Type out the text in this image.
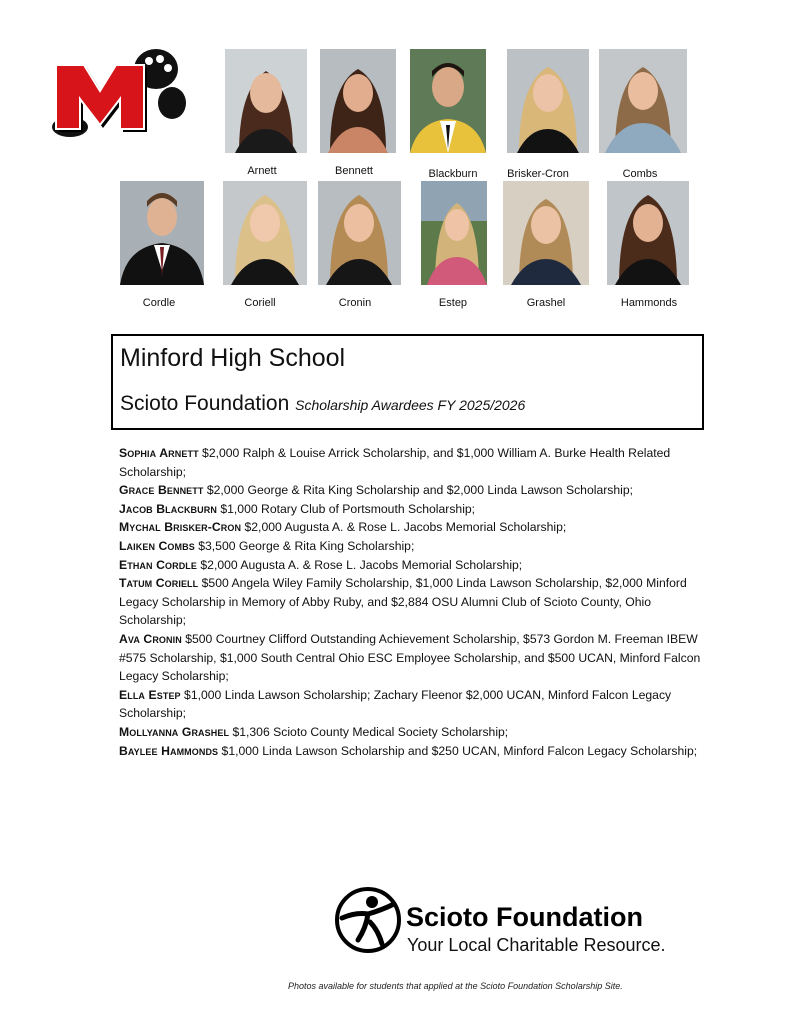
Arnett	Bennett	Blackburn	Brisker-Cron	Combs
Cordle	Coriell	Cronin	Estep	Grashel	Hammonds
Minford High School
Scioto Foundation Scholarship Awardees FY 2025/2026

Sophia Arnett $2,000 Ralph & Louise Arrick Scholarship, and $1,000 William A. Burke Health Related Scholarship;

Grace Bennett $2,000 George & Rita King Scholarship and $2,000 Linda Lawson Scholarship;

Jacob Blackburn $1,000 Rotary Club of Portsmouth Scholarship;

Mychal Brisker-Cron $2,000 Augusta A. & Rose L. Jacobs Memorial Scholarship;

Laiken Combs $3,500 George & Rita King Scholarship;

Ethan Cordle $2,000 Augusta A. & Rose L. Jacobs Memorial Scholarship;

Tatum Coriell $500 Angela Wiley Family Scholarship, $1,000 Linda Lawson Scholarship, $2,000 Minford Legacy Scholarship in Memory of Abby Ruby, and $2,884 OSU Alumni Club of Scioto County, Ohio Scholarship;

Ava Cronin $500 Courtney Clifford Outstanding Achievement Scholarship, $573 Gordon M. Freeman IBEW #575 Scholarship, $1,000 South Central Ohio ESC Employee Scholarship, and $500 UCAN, Minford Falcon Legacy Scholarship;

Ella Estep $1,000 Linda Lawson Scholarship; Zachary Fleenor $2,000 UCAN, Minford Falcon Legacy Scholarship;

Mollyanna Grashel $1,306 Scioto County Medical Society Scholarship;

Baylee Hammonds $1,000 Linda Lawson Scholarship and $250 UCAN, Minford Falcon Legacy Scholarship;

Scioto Foundation
Your Local Charitable Resource.
Photos available for students that applied at the Scioto Foundation Scholarship Site.
